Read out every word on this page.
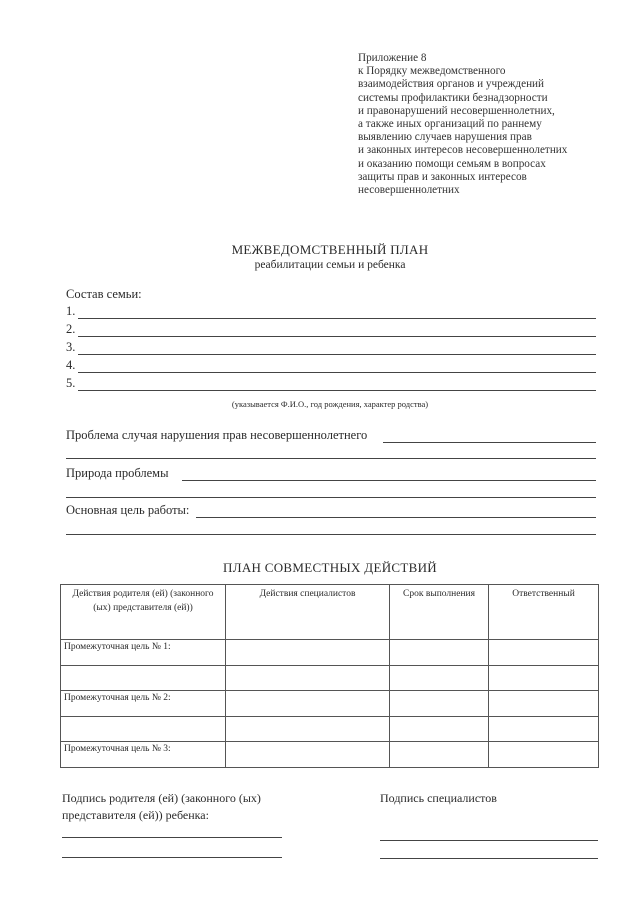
Приложение 8
к Порядку межведомственного
взаимодействия органов и учреждений
системы профилактики безнадзорности
и правонарушений несовершеннолетних,
а также иных организаций по раннему
выявлению случаев нарушения прав
и законных интересов несовершеннолетних
и оказанию помощи семьям в вопросах
защиты прав и законных интересов
несовершеннолетних
МЕЖВЕДОМСТВЕННЫЙ ПЛАН
реабилитации семьи и ребенка
Состав семьи:
1.
2.
3.
4.
5.
(указывается Ф.И.О., год рождения, характер родства)
Проблема случая нарушения прав несовершеннолетнего
Природа проблемы
Основная цель работы:
ПЛАН СОВМЕСТНЫХ ДЕЙСТВИЙ
Действия родителя (ей) (законного (ых) представителя (ей))	Действия специалистов	Срок выполнения	Ответственный
Промежуточная цель № 1:			

Промежуточная цель № 2:			

Промежуточная цель № 3:			
Подпись родителя (ей) (законного (ых)
представителя (ей)) ребенка:
Подпись специалистов
